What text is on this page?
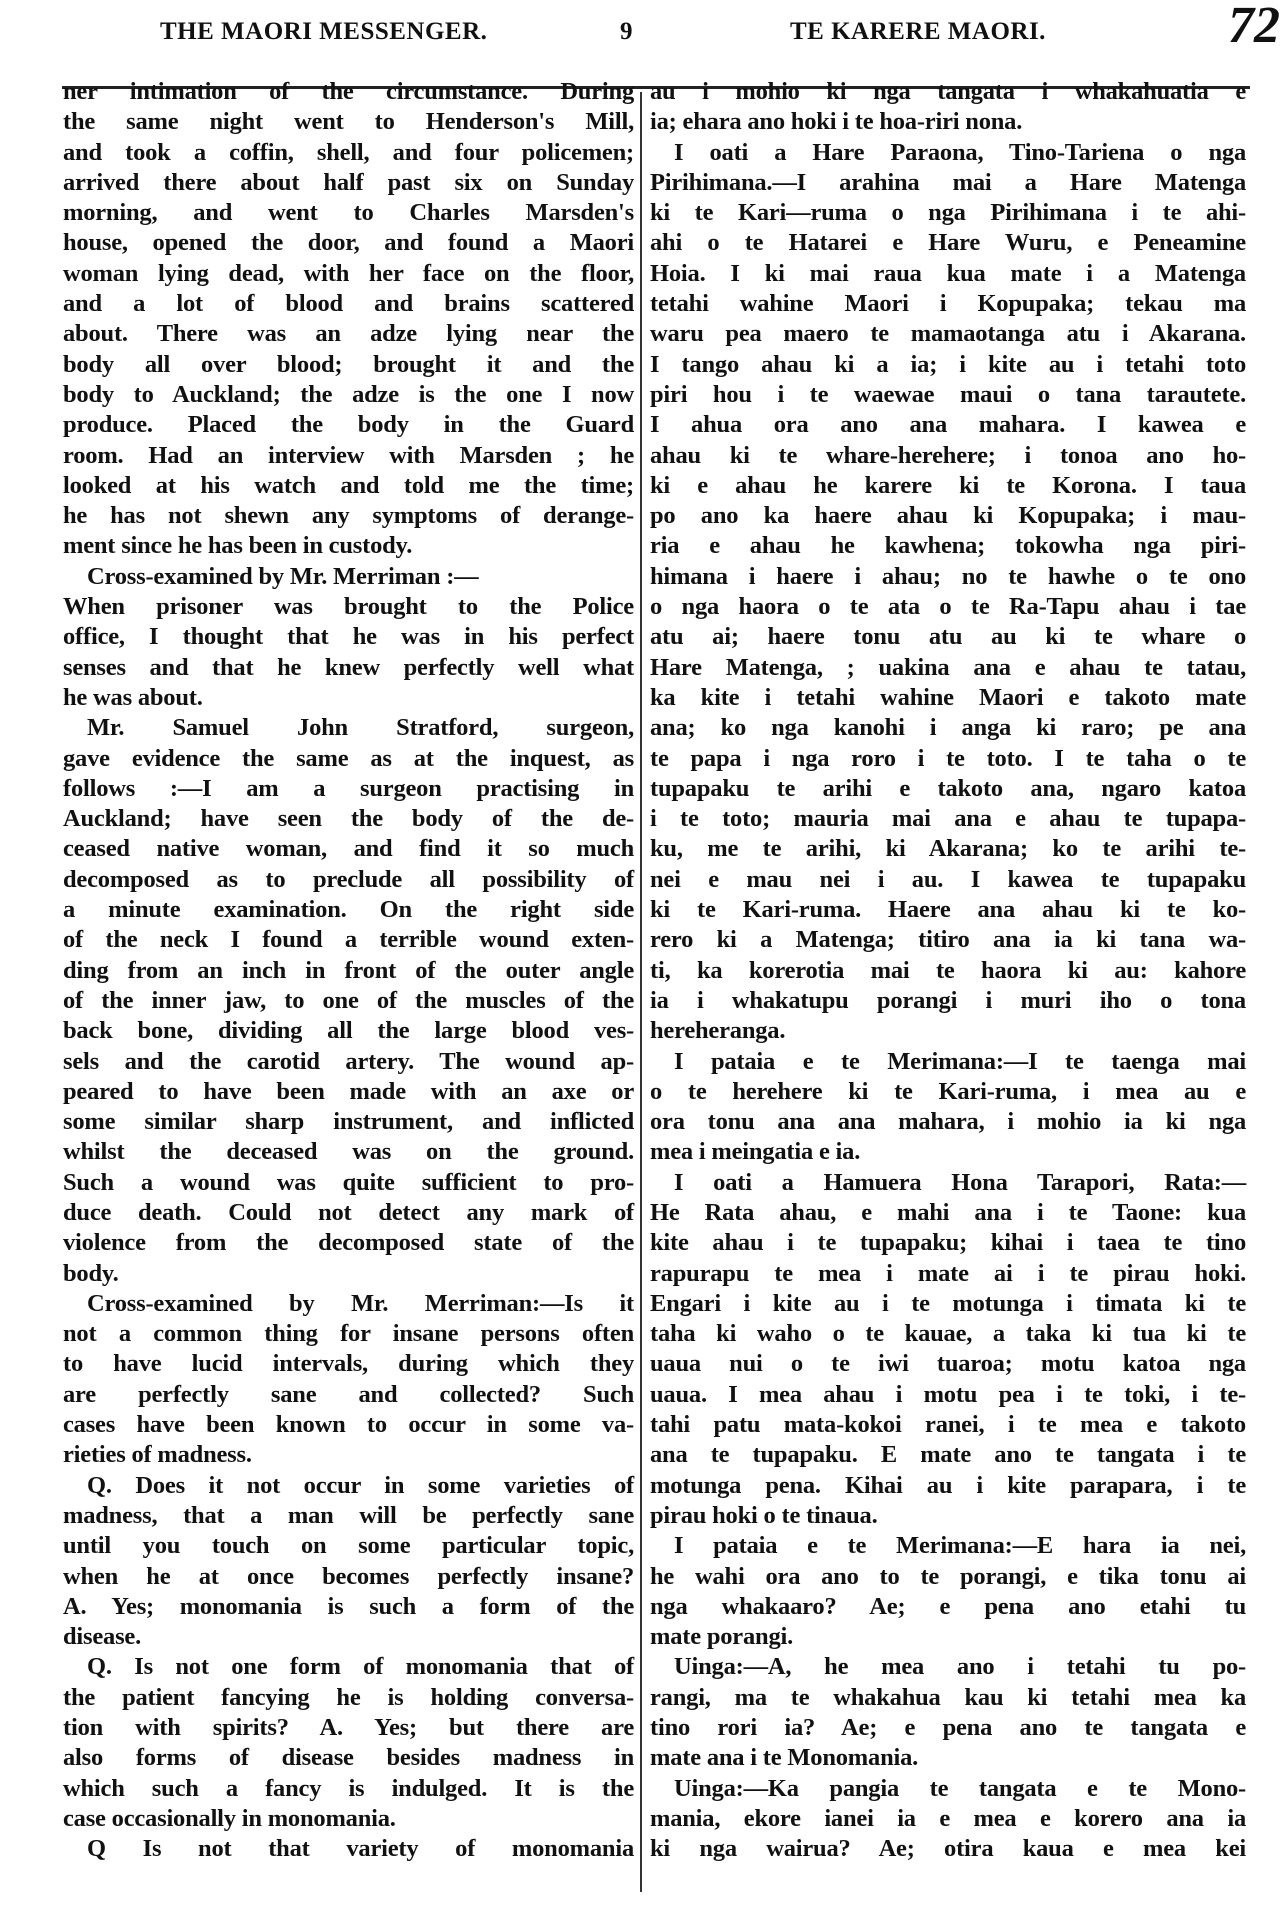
THE MAORI MESSENGER.	9	TE KARERE MAORI.	72
ner intimation of the circumstance. During
the same night went to Henderson's Mill,
and took a coffin, shell, and four policemen;
arrived there about half past six on Sunday
morning, and went to Charles Marsden's
house, opened the door, and found a Maori
woman lying dead, with her face on the floor,
and a lot of blood and brains scattered
about. There was an adze lying near the
body all over blood; brought it and the
body to Auckland; the adze is the one I now
produce. Placed the body in the Guard
room. Had an interview with Marsden ; he
looked at his watch and told me the time;
he has not shewn any symptoms of derange-
ment since he has been in custody.
Cross-examined by Mr. Merriman :—
When prisoner was brought to the Police
office, I thought that he was in his perfect
senses and that he knew perfectly well what
he was about.
Mr. Samuel John Stratford, surgeon,
gave evidence the same as at the inquest, as
follows :—I am a surgeon practising in
Auckland; have seen the body of the de-
ceased native woman, and find it so much
decomposed as to preclude all possibility of
a minute examination. On the right side
of the neck I found a terrible wound exten-
ding from an inch in front of the outer angle
of the inner jaw, to one of the muscles of the
back bone, dividing all the large blood ves-
sels and the carotid artery. The wound ap-
peared to have been made with an axe or
some similar sharp instrument, and inflicted
whilst the deceased was on the ground.
Such a wound was quite sufficient to pro-
duce death. Could not detect any mark of
violence from the decomposed state of the
body.
Cross-examined by Mr. Merriman:—Is it
not a common thing for insane persons often
to have lucid intervals, during which they
are perfectly sane and collected? Such
cases have been known to occur in some va-
rieties of madness.
Q. Does it not occur in some varieties of
madness, that a man will be perfectly sane
until you touch on some particular topic,
when he at once becomes perfectly insane?
A. Yes; monomania is such a form of the
disease.
Q. Is not one form of monomania that of
the patient fancying he is holding conversa-
tion with spirits? A. Yes; but there are
also forms of disease besides madness in
which such a fancy is indulged. It is the
case occasionally in monomania.
Q Is not that variety of monomania
au i mohio ki nga tangata i whakahuatia e
ia; ehara ano hoki i te hoa-riri nona.
I oati a Hare Paraona, Tino-Tariena o nga
Pirihimana.—I arahina mai a Hare Matenga
ki te Kari—ruma o nga Pirihimana i te ahi-
ahi o te Hatarei e Hare Wuru, e Peneamine
Hoia. I ki mai raua kua mate i a Matenga
tetahi wahine Maori i Kopupaka; tekau ma
waru pea maero te mamaotanga atu i Akarana.
I tango ahau ki a ia; i kite au i tetahi toto
piri hou i te waewae maui o tana tarautete.
I ahua ora ano ana mahara. I kawea e
ahau ki te whare-herehere; i tonoa ano ho-
ki e ahau he karere ki te Korona. I taua
po ano ka haere ahau ki Kopupaka; i mau-
ria e ahau he kawhena; tokowha nga piri-
himana i haere i ahau; no te hawhe o te ono
o nga haora o te ata o te Ra-Tapu ahau i tae
atu ai; haere tonu atu au ki te whare o
Hare Matenga, ; uakina ana e ahau te tatau,
ka kite i tetahi wahine Maori e takoto mate
ana; ko nga kanohi i anga ki raro; pe ana
te papa i nga roro i te toto. I te taha o te
tupapaku te arihi e takoto ana, ngaro katoa
i te toto; mauria mai ana e ahau te tupapa-
ku, me te arihi, ki Akarana; ko te arihi te-
nei e mau nei i au. I kawea te tupapaku
ki te Kari-ruma. Haere ana ahau ki te ko-
rero ki a Matenga; titiro ana ia ki tana wa-
ti, ka korerotia mai te haora ki au: kahore
ia i whakatupu porangi i muri iho o tona
hereheranga.
I pataia e te Merimana:—I te taenga mai
o te herehere ki te Kari-ruma, i mea au e
ora tonu ana ana mahara, i mohio ia ki nga
mea i meingatia e ia.
I oati a Hamuera Hona Tarapori, Rata:—
He Rata ahau, e mahi ana i te Taone: kua
kite ahau i te tupapaku; kihai i taea te tino
rapurapu te mea i mate ai i te pirau hoki.
Engari i kite au i te motunga i timata ki te
taha ki waho o te kauae, a taka ki tua ki te
uaua nui o te iwi tuaroa; motu katoa nga
uaua. I mea ahau i motu pea i te toki, i te-
tahi patu mata-kokoi ranei, i te mea e takoto
ana te tupapaku. E mate ano te tangata i te
motunga pena. Kihai au i kite parapara, i te
pirau hoki o te tinaua.
I pataia e te Merimana:—E hara ia nei,
he wahi ora ano to te porangi, e tika tonu ai
nga whakaaro? Ae; e pena ano etahi tu
mate porangi.
Uinga:—A, he mea ano i tetahi tu po-
rangi, ma te whakahua kau ki tetahi mea ka
tino rori ia? Ae; e pena ano te tangata e
mate ana i te Monomania.
Uinga:—Ka pangia te tangata e te Mono-
mania, ekore ianei ia e mea e korero ana ia
ki nga wairua? Ae; otira kaua e mea kei
